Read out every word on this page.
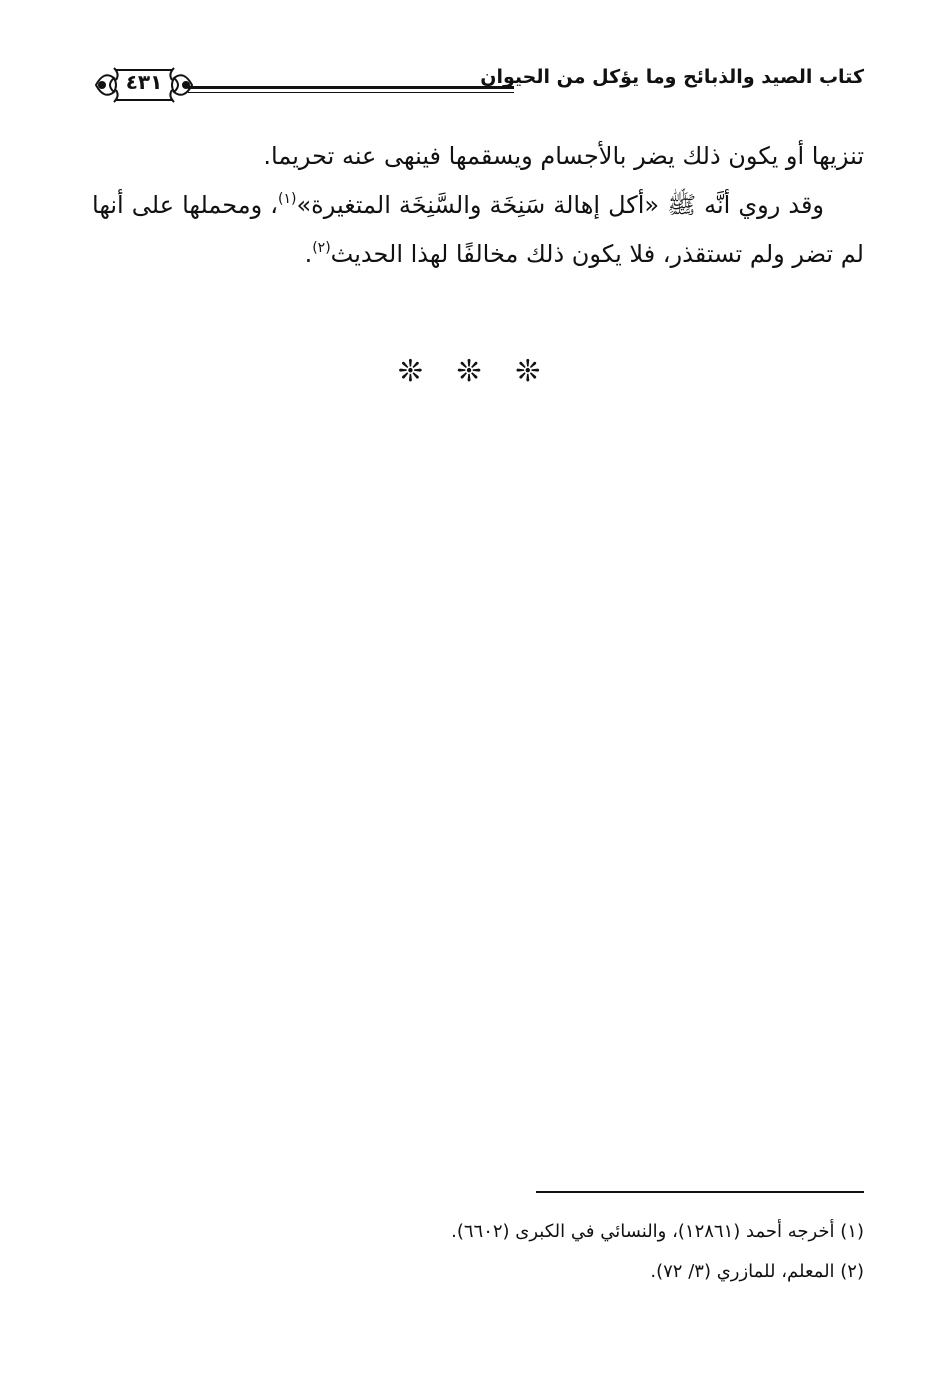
كتاب الصيد والذبائح وما يؤكل من الحيوان
٤٣١

تنزيها أو يكون ذلك يضر بالأجسام ويسقمها فينهى عنه تحريما.

وقد روي أنَّه ﷺ «أكل إهالة سَنِخَة والسَّنِخَة المتغيرة»$^{(١)}$، ومحملها على أنها لم تضر ولم تستقذر، فلا يكون ذلك مخالفًا لهذا الحديث$^{(٢)}$.

❊ ❊ ❊

(١) أخرجه أحمد (١٢٨٦١)، والنسائي في الكبرى (٦٦٠٢).

(٢) المعلم، للمازري (٣/ ٧٢).
